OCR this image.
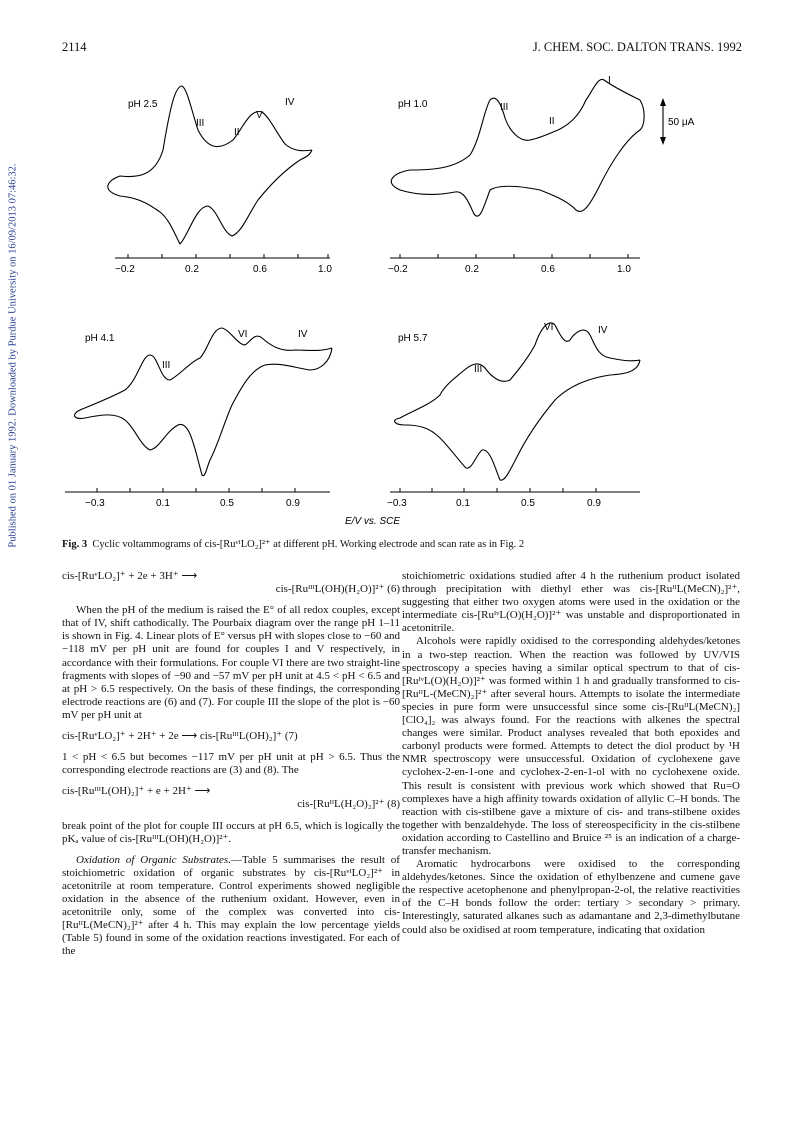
2114	J. CHEM. SOC. DALTON TRANS. 1992
Published on 01 January 1992. Downloaded by Purdue University on 16/09/2013 07:46:32.
pH 2.5
III
II
V
IV	pH 1.0	III
II
I
pH 4.1
III
VI	IV	pH 5.7
III
VI	IV
50 μA
−0.2	0.2	0.6	1.0	−0.2	0.2	0.6	1.0
−0.3	0.1	0.5	0.9	−0.3	0.1	0.5	0.9
E/V vs. SCE
Fig. 3 Cyclic voltammograms of cis-[RuᵛᴵLO₂]²⁺ at different pH. Working electrode and scan rate as in Fig. 2

cis-[RuᵛLO₂]⁺ + 2e + 3H⁺ ⟶

cis-[RuᴵᴵᴵL(OH)(H₂O)]²⁺ (6)

When the pH of the medium is raised the E° of all redox couples, except that of IV, shift cathodically. The Pourbaix diagram over the range pH 1–11 is shown in Fig. 4. Linear plots of E° versus pH with slopes close to −60 and −118 mV per pH unit are found for couples I and V respectively, in accordance with their formulations. For couple VI there are two straight-line fragments with slopes of −90 and −57 mV per pH unit at 4.5 < pH < 6.5 and at pH > 6.5 respectively. On the basis of these findings, the corresponding electrode reactions are (6) and (7). For couple III the slope of the plot is −60 mV per pH unit at

cis-[RuᵛLO₂]⁺ + 2H⁺ + 2e ⟶ cis-[RuᴵᴵᴵL(OH)₂]⁺ (7)

1 < pH < 6.5 but becomes −117 mV per pH unit at pH > 6.5. Thus the corresponding electrode reactions are (3) and (8). The

cis-[RuᴵᴵᴵL(OH)₂]⁺ + e + 2H⁺ ⟶

cis-[RuᴵᴵL(H₂O)₂]²⁺ (8)

break point of the plot for couple III occurs at pH 6.5, which is logically the pKₐ value of cis-[RuᴵᴵᴵL(OH)(H₂O)]²⁺.

Oxidation of Organic Substrates.—Table 5 summarises the result of stoichiometric oxidation of organic substrates by cis-[RuᵛᴵLO₂]²⁺ in acetonitrile at room temperature. Control experiments showed negligible oxidation in the absence of the ruthenium oxidant. However, even in acetonitrile only, some of the complex was converted into cis-[RuᴵᴵL(MeCN)₂]²⁺ after 4 h. This may explain the low percentage yields (Table 5) found in some of the oxidation reactions investigated. For each of the

stoichiometric oxidations studied after 4 h the ruthenium product isolated through precipitation with diethyl ether was cis-[RuᴵᴵL(MeCN)₂]²⁺, suggesting that either two oxygen atoms were used in the oxidation or the intermediate cis-[RuᴵᵛL(O)(H₂O)]²⁺ was unstable and disproportionated in acetonitrile.

Alcohols were rapidly oxidised to the corresponding aldehydes/ketones in a two-step reaction. When the reaction was followed by UV/VIS spectroscopy a species having a similar optical spectrum to that of cis-[RuᴵᵛL(O)(H₂O)]²⁺ was formed within 1 h and gradually transformed to cis-[RuᴵᴵL-(MeCN)₂]²⁺ after several hours. Attempts to isolate the intermediate species in pure form were unsuccessful since some cis-[RuᴵᴵL(MeCN)₂][ClO₄]₂ was always found. For the reactions with alkenes the spectral changes were similar. Product analyses revealed that both epoxides and carbonyl products were formed. Attempts to detect the diol product by ¹H NMR spectroscopy were unsuccessful. Oxidation of cyclohexene gave cyclohex-2-en-1-one and cyclohex-2-en-1-ol with no cyclohexene oxide. This result is consistent with previous work which showed that Ru=O complexes have a high affinity towards oxidation of allylic C–H bonds. The reaction with cis-stilbene gave a mixture of cis- and trans-stilbene oxides together with benzaldehyde. The loss of stereospecificity in the cis-stilbene oxidation according to Castellino and Bruice ²⁵ is an indication of a charge-transfer mechanism.

Aromatic hydrocarbons were oxidised to the corresponding aldehydes/ketones. Since the oxidation of ethylbenzene and cumene gave the respective acetophenone and phenylpropan-2-ol, the relative reactivities of the C–H bonds follow the order: tertiary > secondary > primary. Interestingly, saturated alkanes such as adamantane and 2,3-dimethylbutane could also be oxidised at room temperature, indicating that oxidation
